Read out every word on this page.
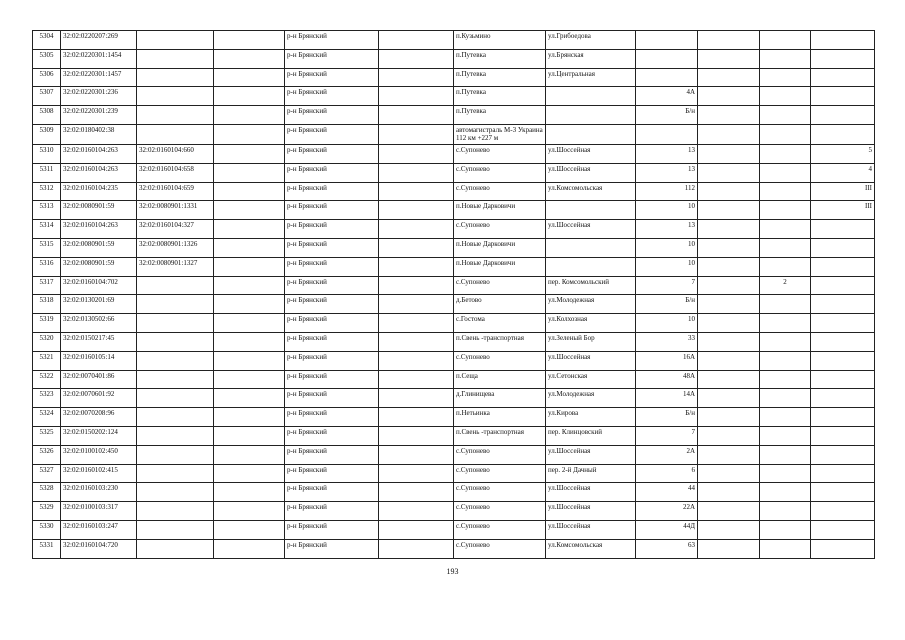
5304	32:02:0220207:269			р-н Брянский		п.Кузьмино	ул.Грибоедова				
5305	32:02:0220301:1454			р-н Брянский		п.Путевка	ул.Брянская				
5306	32:02:0220301:1457			р-н Брянский		п.Путевка	ул.Центральная				
5307	32:02:0220301:236			р-н Брянский		п.Путевка		4А			
5308	32:02:0220301:239			р-н Брянский		п.Путевка		Б/н			
5309	32:02:0180402:38			р-н Брянский		автомагистраль М-3 Украина 112 км +227 м					
5310	32:02:0160104:263	32:02:0160104:660		р-н Брянский		с.Супонево	ул.Шоссейная	13			5
5311	32:02:0160104:263	32:02:0160104:658		р-н Брянский		с.Супонево	ул.Шоссейная	13			4
5312	32:02:0160104:235	32:02:0160104:659		р-н Брянский		с.Супонево	ул.Комсомольская	112			III
5313	32:02:0080901:59	32:02:0080901:1331		р-н Брянский		п.Новые Дарковичи		10			III
5314	32:02:0160104:263	32:02:0160104:327		р-н Брянский		с.Супонево	ул.Шоссейная	13			
5315	32:02:0080901:59	32:02:0080901:1326		р-н Брянский		п.Новые Дарковичи		10			
5316	32:02:0080901:59	32:02:0080901:1327		р-н Брянский		п.Новые Дарковичи		10			
5317	32:02:0160104:702			р-н Брянский		с.Супонево	пер. Комсомольский	7		2	
5318	32:02:0130201:69			р-н Брянский		д.Бетово	ул.Молодежная	Б/н			
5319	32:02:0130502:66			р-н Брянский		с.Гостома	ул.Колхозная	10			
5320	32:02:0150217:45			р-н Брянский		п.Свень -транспортная	ул.Зеленый Бор	33			
5321	32:02:0160105:14			р-н Брянский		с.Супонево	ул.Шоссейная	16А			
5322	32:02:0070401:86			р-н Брянский		п.Сеща	ул.Сетонская	48А			
5323	32:02:0070601:92			р-н Брянский		д.Глинищева	ул.Молодежная	14А			
5324	32:02:0070208:96			р-н Брянский		п.Нетьинка	ул.Кирова	Б/н			
5325	32:02:0150202:124			р-н Брянский		п.Свень -транспортная	пер. Клинцовский	7			
5326	32:02:0100102:450			р-н Брянский		с.Супонево	ул.Шоссейная	2А			
5327	32:02:0160102:415			р-н Брянский		с.Супонево	пер. 2-й Дачный	6			
5328	32:02:0160103:230			р-н Брянский		с.Супонево	ул.Шоссейная	44			
5329	32:02:0100103:317			р-н Брянский		с.Супонево	ул.Шоссейная	22А			
5330	32:02:0160103:247			р-н Брянский		с.Супонево	ул.Шоссейная	44Д			
5331	32:02:0160104:720			р-н Брянский		с.Супонево	ул.Комсомольская	63			
193
